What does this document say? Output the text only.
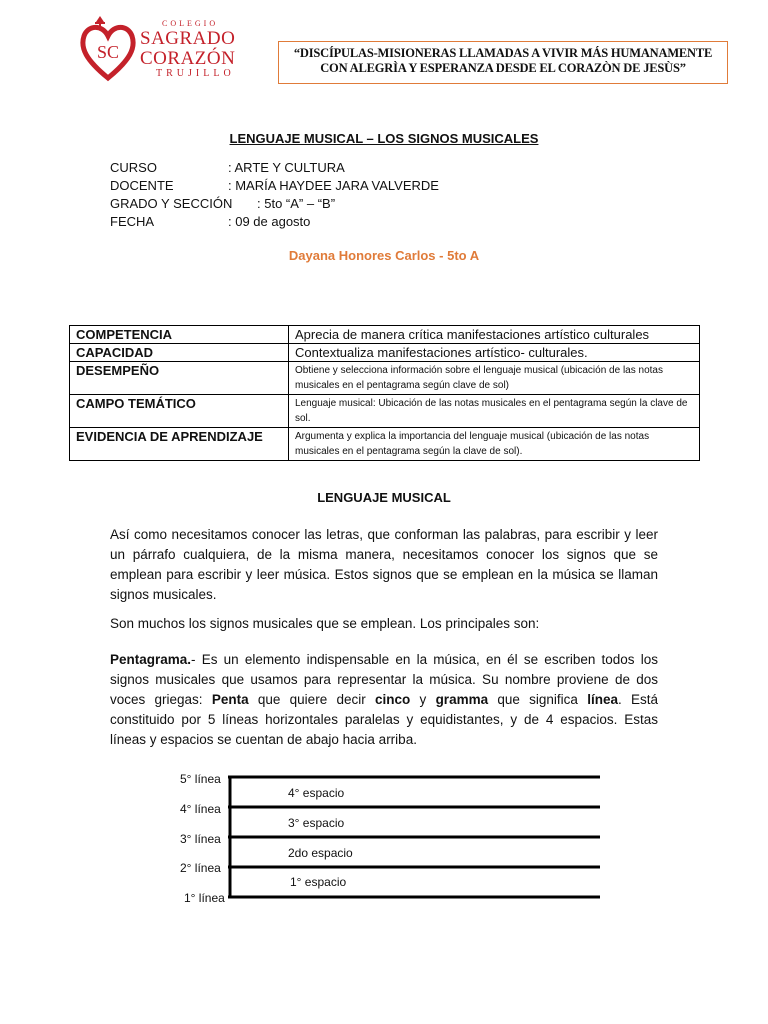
SC
COLEGIO
SAGRADO
CORAZÓN
TRUJILLO
“DISCÍPULAS-MISIONERAS LLAMADAS A VIVIR MÁS HUMANAMENTE
CON ALEGRÌA Y ESPERANZA DESDE EL CORAZÒN DE JESÙS”
LENGUAJE MUSICAL – LOS SIGNOS MUSICALES
CURSO	: ARTE Y CULTURA
DOCENTE	: MARÍA HAYDEE JARA VALVERDE
GRADO Y SECCIÓN : 5to “A” – “B”
FECHA	: 09 de agosto
Dayana Honores Carlos - 5to A
COMPETENCIA	Aprecia de manera crítica manifestaciones artístico culturales
CAPACIDAD	Contextualiza manifestaciones artístico- culturales.
DESEMPEÑO	Obtiene y selecciona información sobre el lenguaje musical (ubicación de las notas musicales en el pentagrama según clave de sol)
CAMPO TEMÁTICO	Lenguaje musical: Ubicación de las notas musicales en el pentagrama según la clave de sol.
EVIDENCIA DE APRENDIZAJE	Argumenta y explica la importancia del lenguaje musical (ubicación de las notas musicales en el pentagrama según la clave de sol).
LENGUAJE MUSICAL

Así como necesitamos conocer las letras, que conforman las palabras, para escribir y leer un párrafo cualquiera, de la misma manera, necesitamos conocer los signos que se emplean para escribir y leer música. Estos signos que se emplean en la música se llaman signos musicales.

Son muchos los signos musicales que se emplean. Los principales son:

Pentagrama.- Es un elemento indispensable en la música, en él se escriben todos los signos musicales que usamos para representar la música. Su nombre proviene de dos voces griegas: Penta que quiere decir cinco y gramma que significa línea. Está constituido por 5 líneas horizontales paralelas y equidistantes, y de 4 espacios. Estas líneas y espacios se cuentan de abajo hacia arriba.

5° línea
4° línea
3° línea
2° línea
1° línea
4° espacio
3° espacio
2do espacio
1° espacio
